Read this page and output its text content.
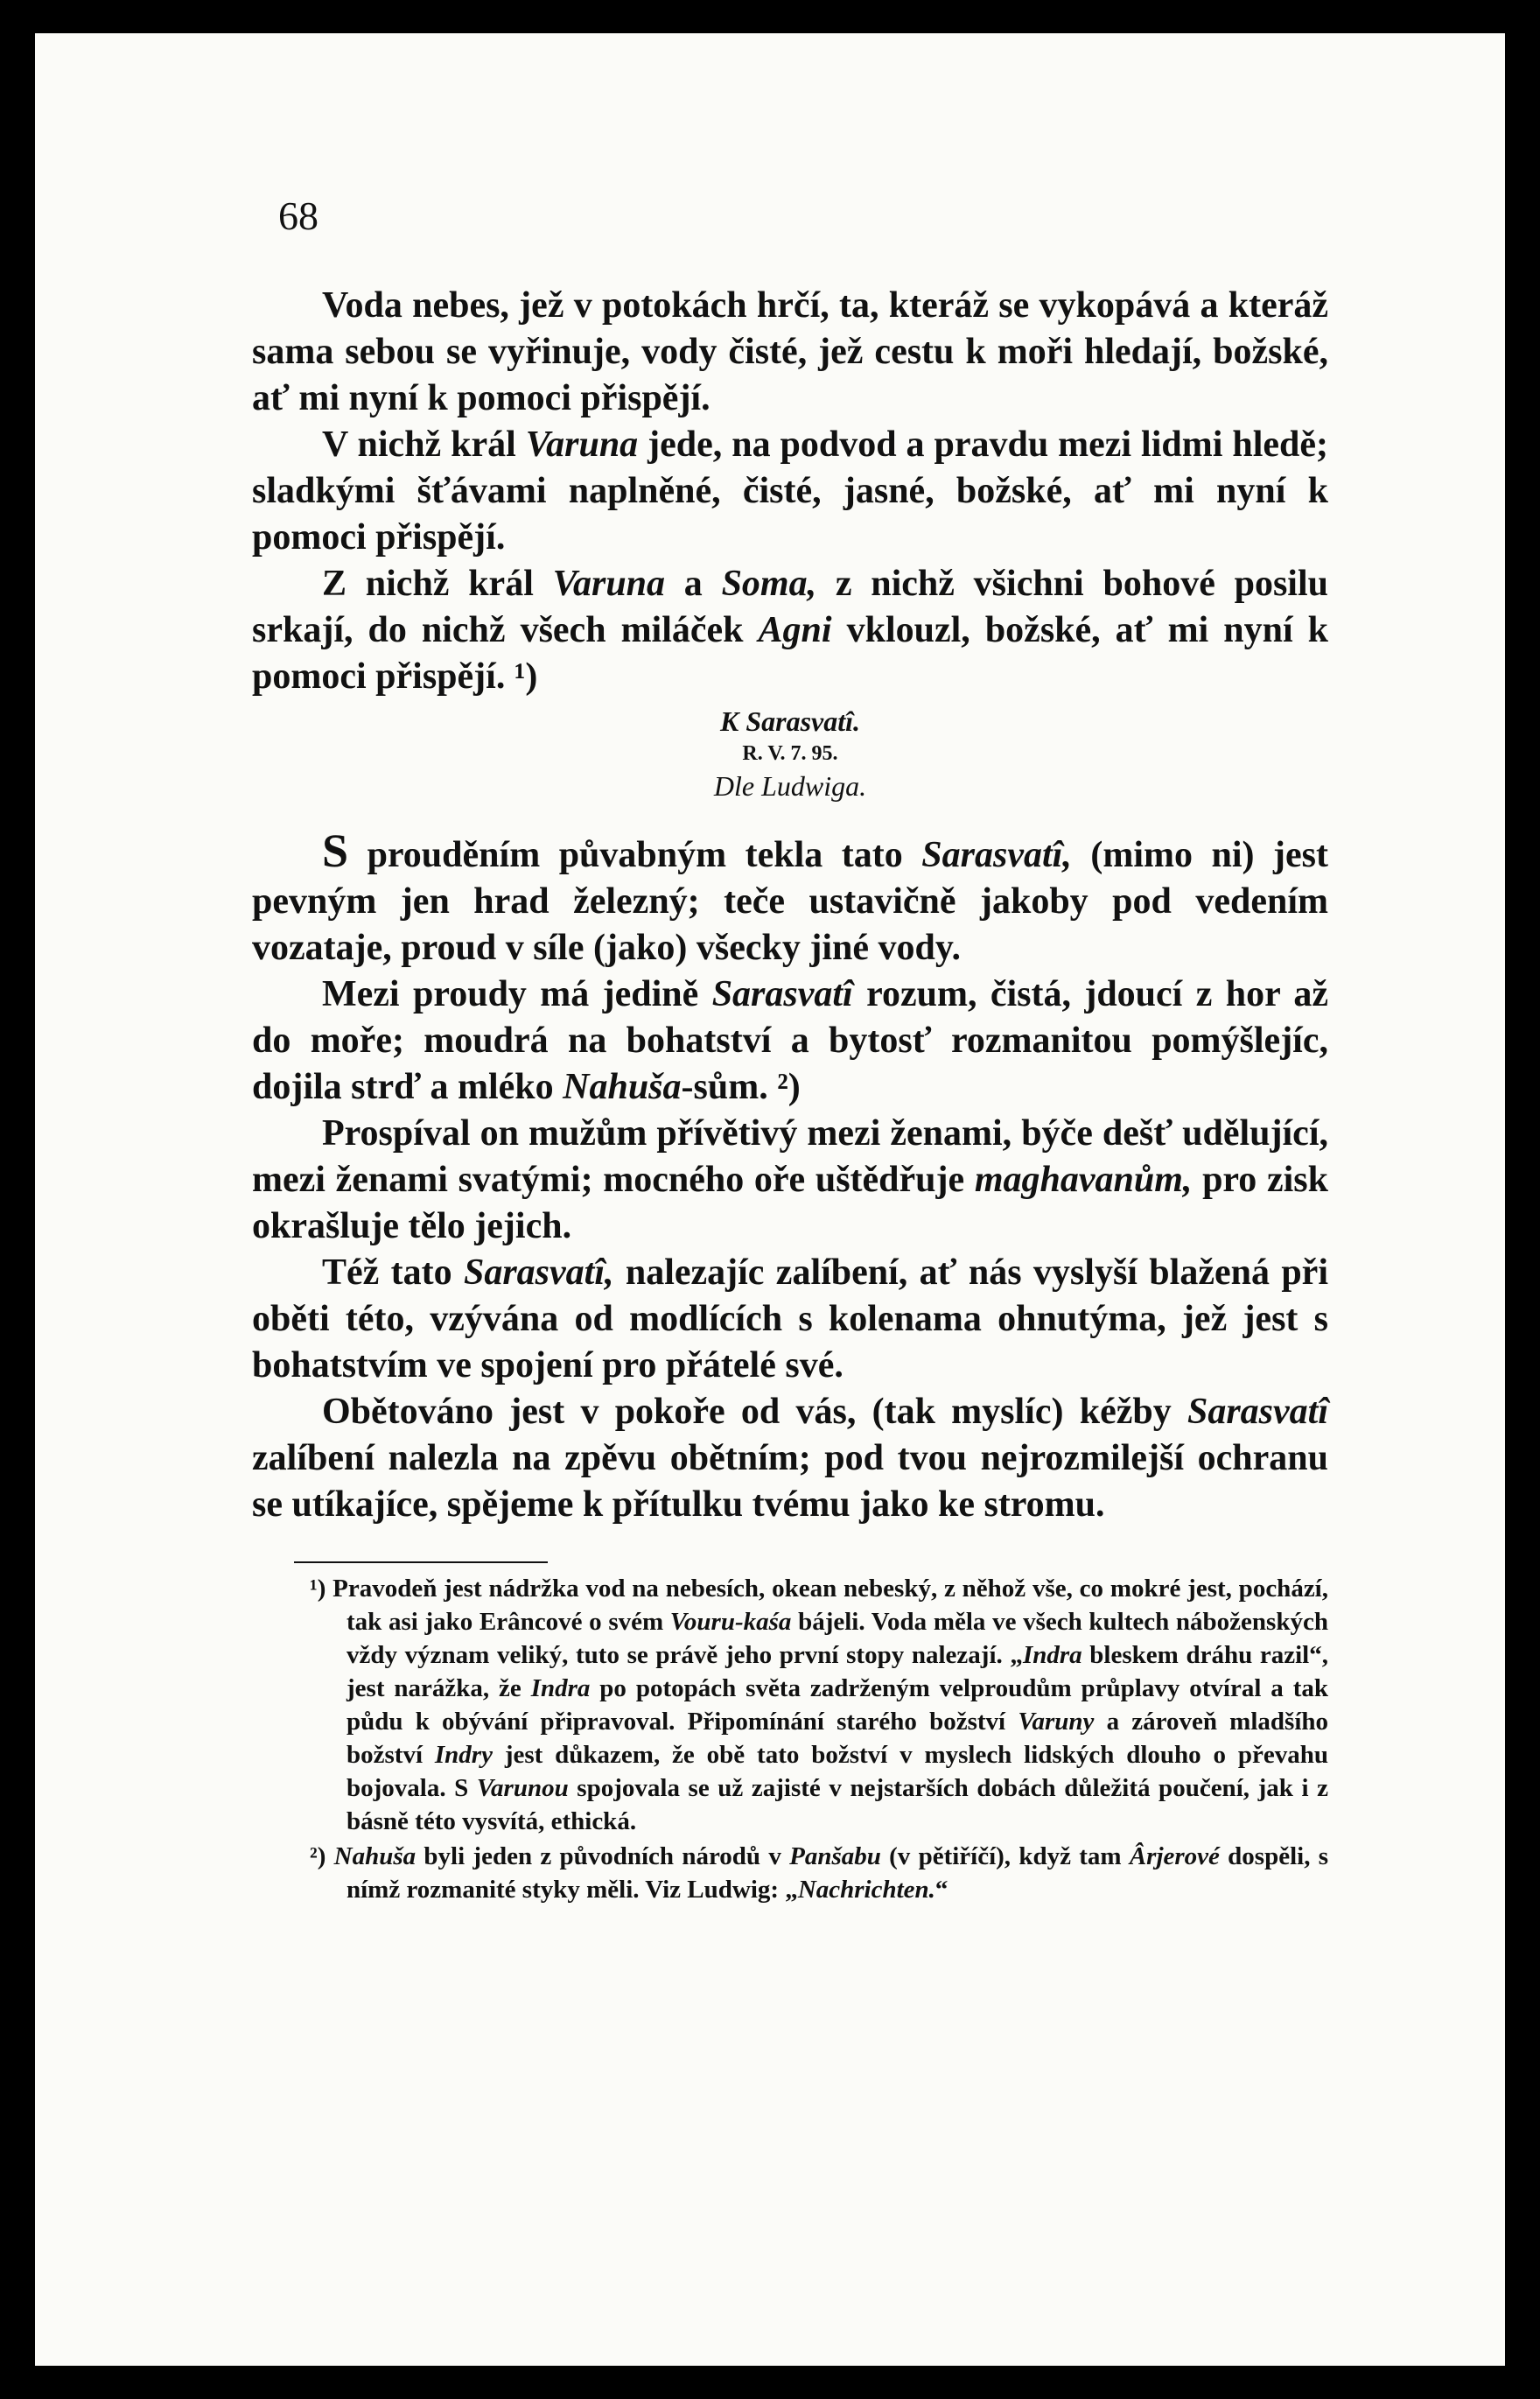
68

Voda nebes, jež v potokách hrčí, ta, kteráž se vykopává a kteráž sama sebou se vyřinuje, vody čisté, jež cestu k moři hledají, božské, ať mi nyní k pomoci přispějí.

V nichž král Varuna jede, na podvod a pravdu mezi lidmi hledě; sladkými šťávami naplněné, čisté, jasné, božské, ať mi nyní k pomoci přispějí.

Z nichž král Varuna a Soma, z nichž všichni bohové posilu srkají, do nichž všech miláček Agni vklouzl, božské, ať mi nyní k pomoci přispějí. ¹)

K Sarasvatî.
R. V. 7. 95.
Dle Ludwiga.

S prouděním půvabným tekla tato Sarasvatî, (mimo ni) jest pevným jen hrad železný; teče ustavičně jakoby pod vedením vozataje, proud v síle (jako) všecky jiné vody.

Mezi proudy má jedině Sarasvatî rozum, čistá, jdoucí z hor až do moře; moudrá na bohatství a bytosť rozmanitou pomýšlejíc, dojila strď a mléko Nahuša-sům. ²)

Prospíval on mužům přívětivý mezi ženami, býče dešť udělující, mezi ženami svatými; mocného oře uštědřuje maghavanům, pro zisk okrašluje tělo jejich.

Též tato Sarasvatî, nalezajíc zalíbení, ať nás vyslyší blažená při oběti této, vzývána od modlících s kolenama ohnutýma, jež jest s bohatstvím ve spojení pro přátelé své.

Obětováno jest v pokoře od vás, (tak myslíc) kéžby Sarasvatî zalíbení nalezla na zpěvu obětním; pod tvou nejrozmilejší ochranu se utíkajíce, spějeme k přítulku tvému jako ke stromu.

¹) Pravodeň jest nádržka vod na nebesích, okean nebeský, z něhož vše, co mokré jest, pochází, tak asi jako Erâncové o svém Vouru-kaśa bájeli. Voda měla ve všech kultech náboženských vždy význam veliký, tuto se právě jeho první stopy nalezají. „Indra bleskem dráhu razil“, jest narážka, že Indra po potopách světa zadrženým velproudům průplavy otvíral a tak půdu k obývání připravoval. Připomínání starého božství Varuny a zároveň mladšího božství Indry jest důkazem, že obě tato božství v myslech lidských dlouho o převahu bojovala. S Varunou spojovala se už zajisté v nejstarších dobách důležitá poučení, jak i z básně této vysvítá, ethická.

²) Nahuša byli jeden z původních národů v Panšabu (v pětiříčí), když tam Ârjerové dospěli, s nímž rozmanité styky měli. Viz Ludwig: „Nachrichten.“
